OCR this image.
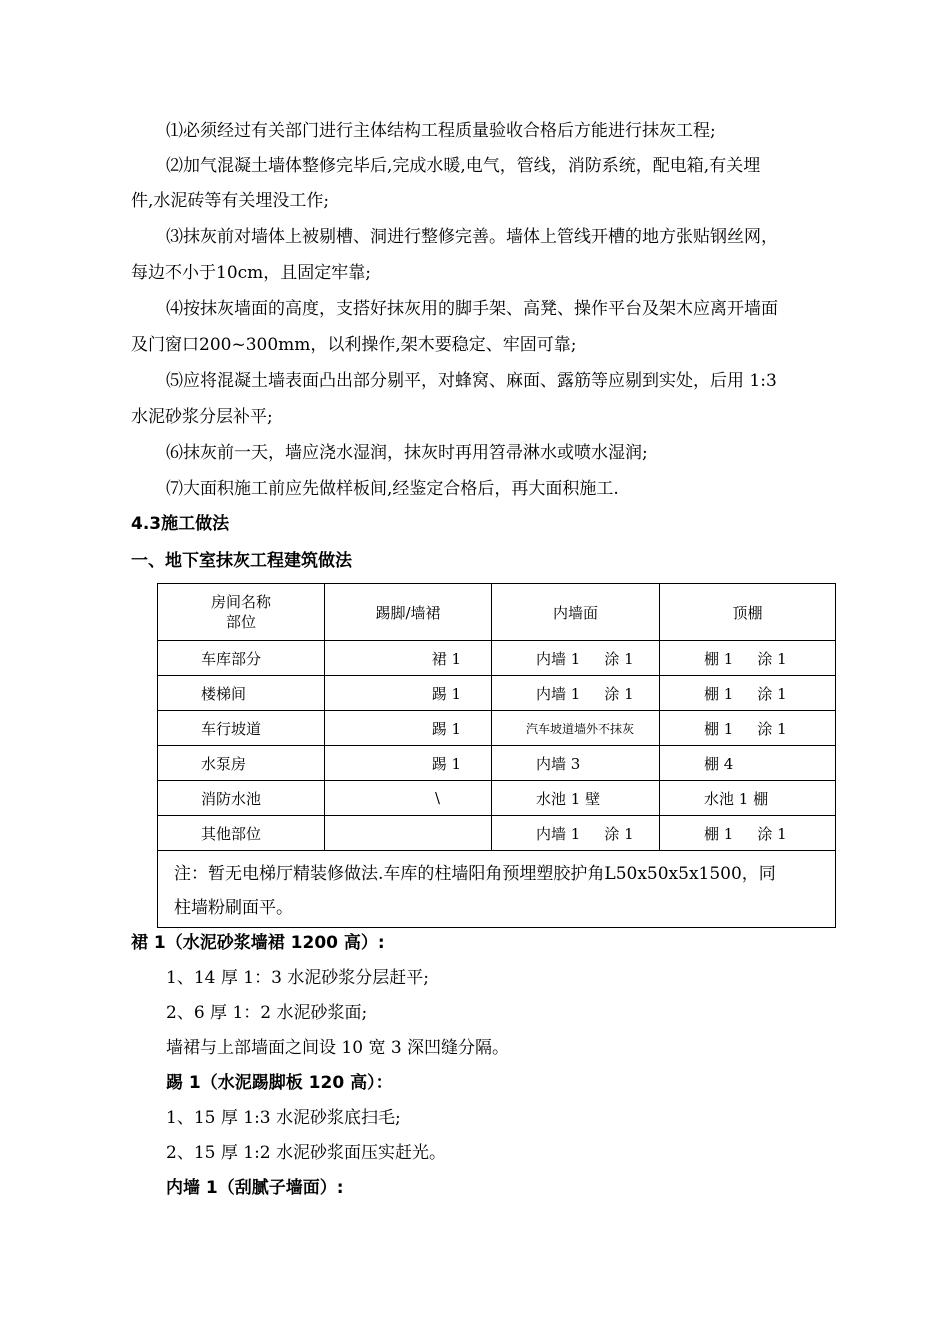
⑴必须经过有关部门进行主体结构工程质量验收合格后方能进行抹灰工程;
⑵加气混凝土墙体整修完毕后,完成水暖,电气，管线，消防系统，配电箱,有关埋
件,水泥砖等有关埋没工作;
⑶抹灰前对墙体上被剔槽、洞进行整修完善。墙体上管线开槽的地方张贴钢丝网，
每边不小于10cm，且固定牢靠;
⑷按抹灰墙面的高度，支搭好抹灰用的脚手架、高凳、操作平台及架木应离开墙面
及门窗口200~300mm，以利操作,架木要稳定、牢固可靠;
⑸应将混凝土墙表面凸出部分剔平，对蜂窝、麻面、露筋等应剔到实处，后用 1:3
水泥砂浆分层补平;
⑹抹灰前一天，墙应浇水湿润，抹灰时再用笤帚淋水或喷水湿润;
⑺大面积施工前应先做样板间,经鉴定合格后，再大面积施工.
4.3施工做法
一、地下室抹灰工程建筑做法
房间名称
部位	踢脚/墙裙	内墙面	顶棚
车库部分	裙 1	内墙 1 涂 1	棚 1 涂 1
楼梯间	踢 1	内墙 1 涂 1	棚 1 涂 1
车行坡道	踢 1	汽车坡道墙外不抹灰	棚 1 涂 1
水泵房	踢 1	内墙 3	棚 4
消防水池	\	水池 1 壁	水池 1 棚
其他部位		内墙 1 涂 1	棚 1 涂 1

注：暂无电梯厅精装修做法.车库的柱墙阳角预埋塑胶护角L50x50x5x1500，同
柱墙粉刷面平。			
裙 1（水泥砂浆墙裙 1200 高）:
1、14 厚 1：3 水泥砂浆分层赶平;
2、6 厚 1：2 水泥砂浆面;
墙裙与上部墙面之间设 10 宽 3 深凹缝分隔。
踢 1（水泥踢脚板 120 高）：
1、15 厚 1:3 水泥砂浆底扫毛;
2、15 厚 1:2 水泥砂浆面压实赶光。
内墙 1（刮腻子墙面）:
